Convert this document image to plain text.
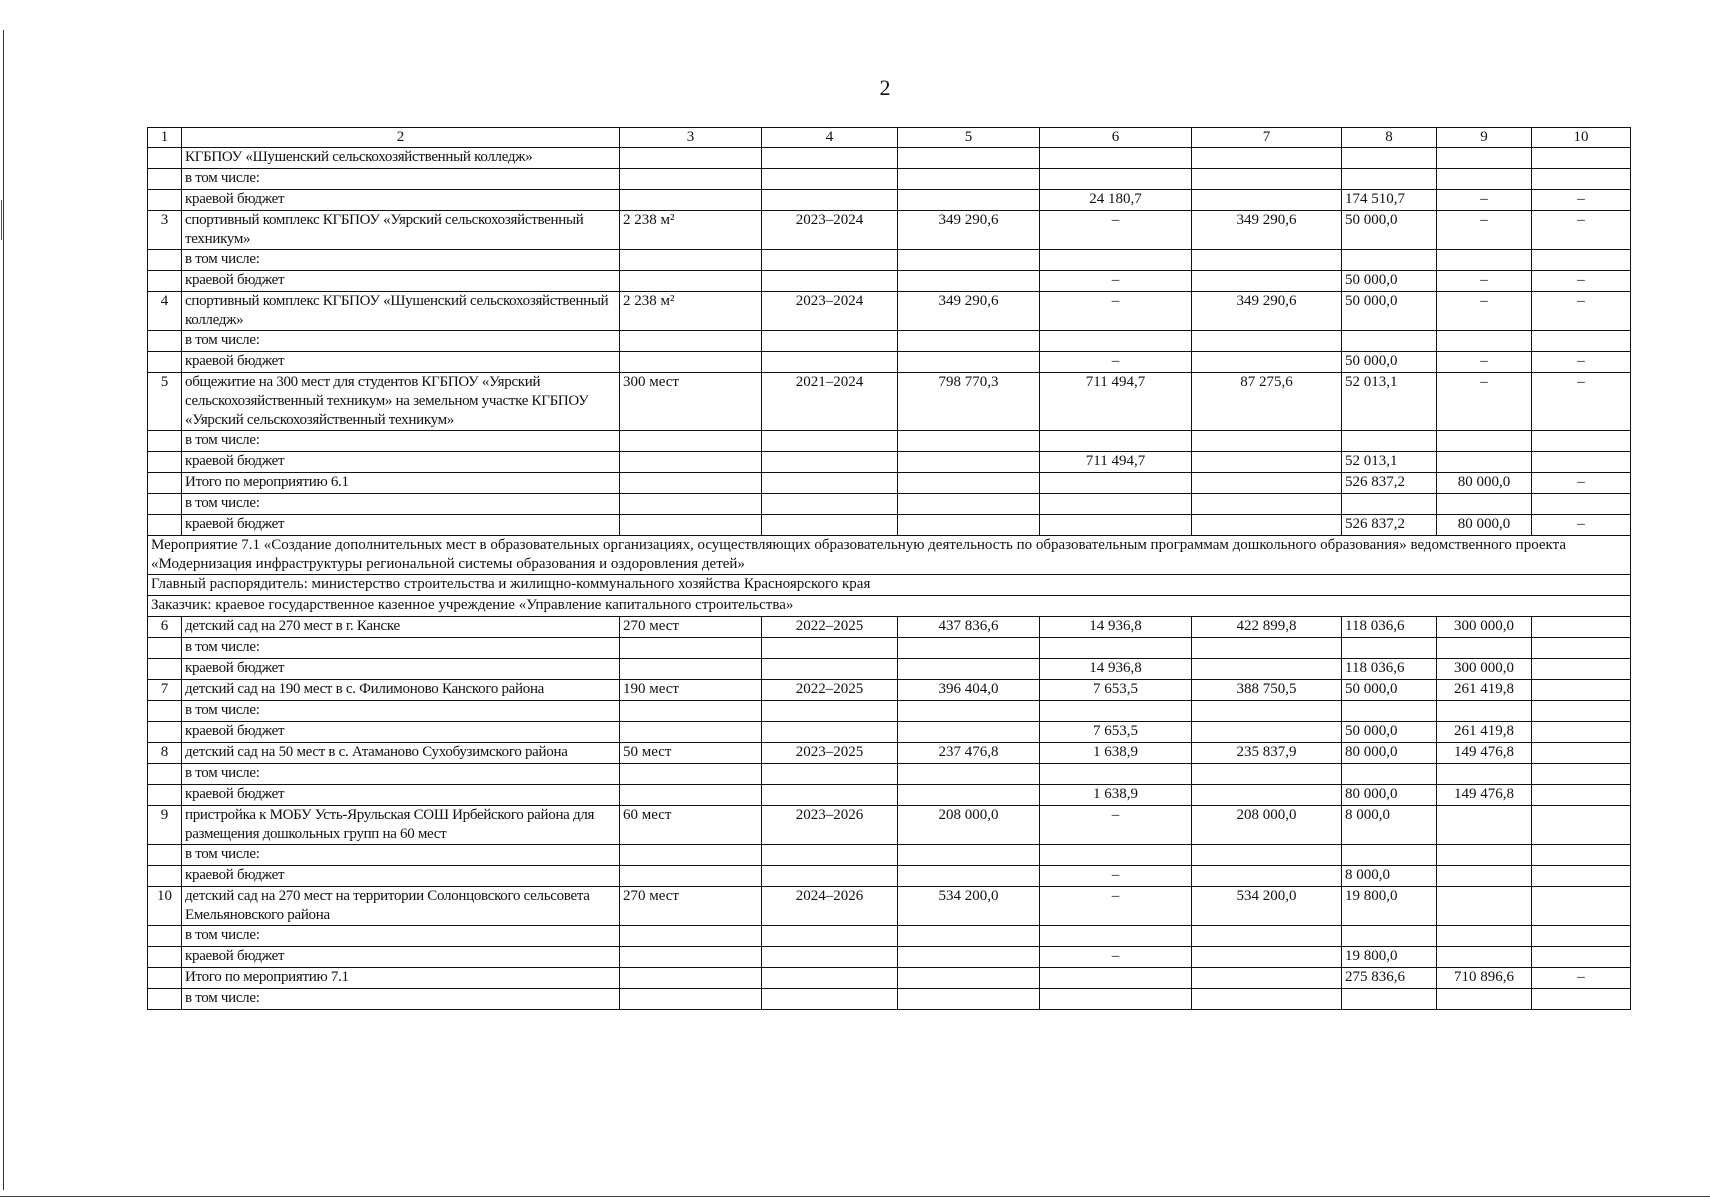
2
1	2	3	4	5	6	7	8	9	10
	КГБПОУ «Шушенский сельскохозяйственный колледж»								
	в том числе:								
	краевой бюджет				24 180,7		174 510,7	–	–
3	спортивный комплекс КГБПОУ «Уярский сельскохозяйственный техникум»	2 238 м²	2023–2024	349 290,6	–	349 290,6	50 000,0	–	–
	в том числе:								
	краевой бюджет				–		50 000,0	–	–
4	спортивный комплекс КГБПОУ «Шушенский сельскохозяйственный колледж»	2 238 м²	2023–2024	349 290,6	–	349 290,6	50 000,0	–	–
	в том числе:								
	краевой бюджет				–		50 000,0	–	–
5	общежитие на 300 мест для студентов КГБПОУ «Уярский сельскохозяйственный техникум» на земельном участке КГБПОУ «Уярский сельскохозяйственный техникум»	300 мест	2021–2024	798 770,3	711 494,7	87 275,6	52 013,1	–	–
	в том числе:								
	краевой бюджет				711 494,7		52 013,1		
	Итого по мероприятию 6.1						526 837,2	80 000,0	–
	в том числе:								
	краевой бюджет						526 837,2	80 000,0	–
Мероприятие 7.1 «Создание дополнительных мест в образовательных организациях, осуществляющих образовательную деятельность по образовательным программам дошкольного образования» ведомственного проекта «Модернизация инфраструктуры региональной системы образования и оздоровления детей»									
Главный распорядитель: министерство строительства и жилищно-коммунального хозяйства Красноярского края									
Заказчик: краевое государственное казенное учреждение «Управление капитального строительства»									
6	детский сад на 270 мест в г. Канске	270 мест	2022–2025	437 836,6	14 936,8	422 899,8	118 036,6	300 000,0	
	в том числе:								
	краевой бюджет				14 936,8		118 036,6	300 000,0	
7	детский сад на 190 мест в с. Филимоново Канского района	190 мест	2022–2025	396 404,0	7 653,5	388 750,5	50 000,0	261 419,8	
	в том числе:								
	краевой бюджет				7 653,5		50 000,0	261 419,8	
8	детский сад на 50 мест в с. Атаманово Сухобузимского района	50 мест	2023–2025	237 476,8	1 638,9	235 837,9	80 000,0	149 476,8	
	в том числе:								
	краевой бюджет				1 638,9		80 000,0	149 476,8	
9	пристройка к МОБУ Усть-Ярульская СОШ Ирбейского района для размещения дошкольных групп на 60 мест	60 мест	2023–2026	208 000,0	–	208 000,0	8 000,0		
	в том числе:								
	краевой бюджет				–		8 000,0		
10	детский сад на 270 мест на территории Солонцовского сельсовета Емельяновского района	270 мест	2024–2026	534 200,0	–	534 200,0	19 800,0		
	в том числе:								
	краевой бюджет				–		19 800,0		
	Итого по мероприятию 7.1						275 836,6	710 896,6	–
	в том числе:								
